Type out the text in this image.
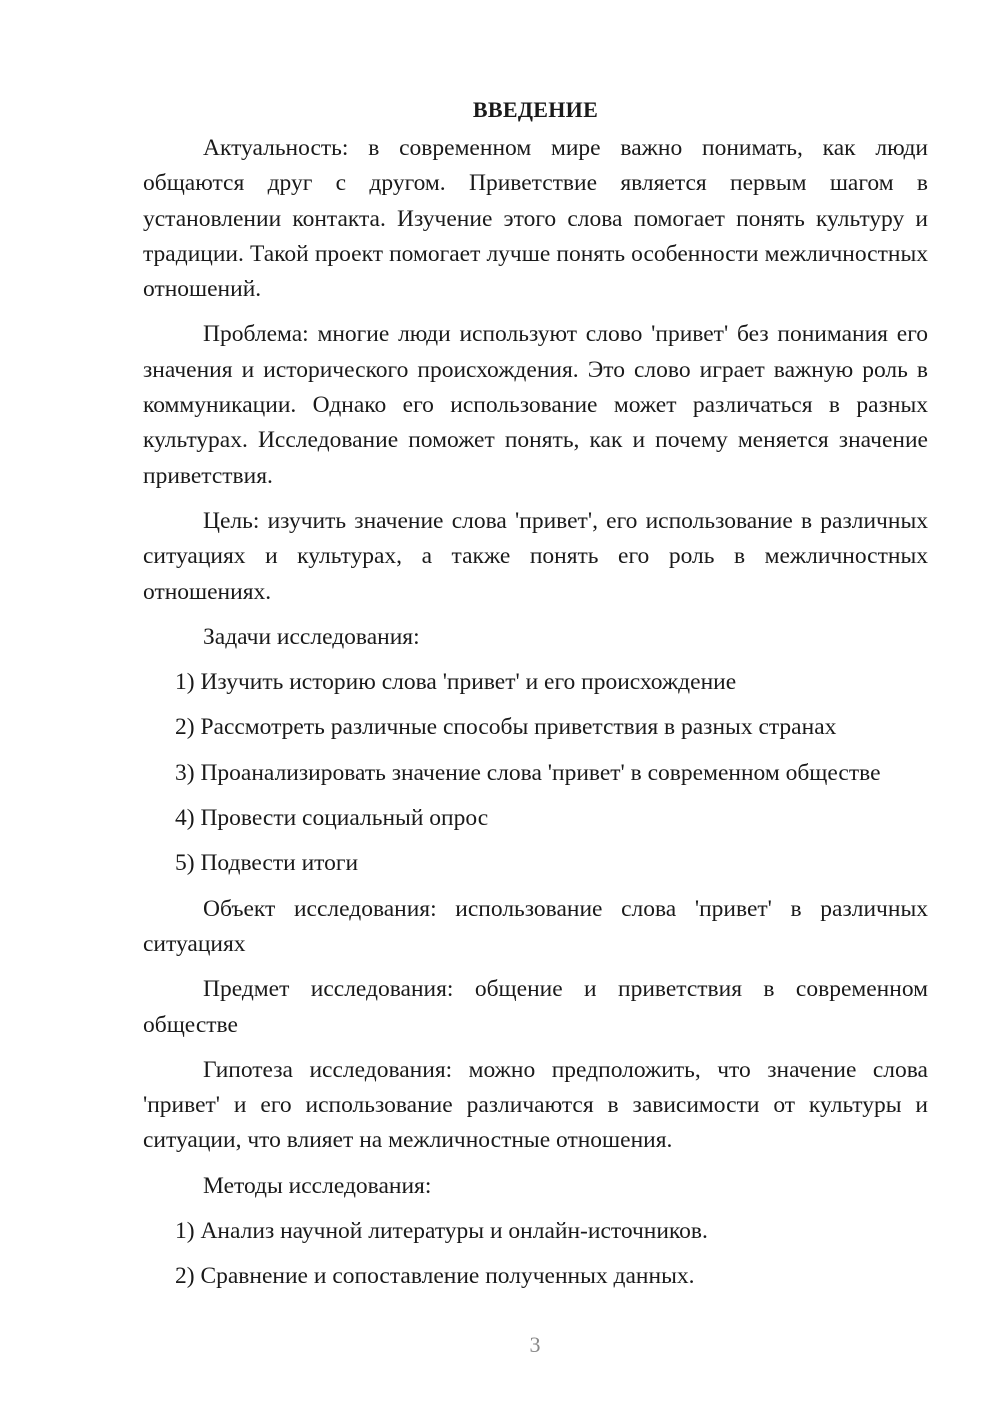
ВВЕДЕНИЕ

Актуальность: в современном мире важно понимать, как люди общаются друг с другом. Приветствие является первым шагом в установлении контакта. Изучение этого слова помогает понять культуру и традиции. Такой проект помогает лучше понять особенности межличностных отношений.

Проблема: многие люди используют слово 'привет' без понимания его значения и исторического происхождения. Это слово играет важную роль в коммуникации. Однако его использование может различаться в разных культурах. Исследование поможет понять, как и почему меняется значение приветствия.

Цель: изучить значение слова 'привет', его использование в различных ситуациях и культурах, а также понять его роль в межличностных отношениях.

Задачи исследования:

1) Изучить историю слова 'привет' и его происхождение
2) Рассмотреть различные способы приветствия в разных странах
3) Проанализировать значение слова 'привет' в современном обществе
4) Провести социальный опрос
5) Подвести итоги

Объект исследования: использование слова 'привет' в различных ситуациях

Предмет исследования: общение и приветствия в современном обществе

Гипотеза исследования: можно предположить, что значение слова 'привет' и его использование различаются в зависимости от культуры и ситуации, что влияет на межличностные отношения.

Методы исследования:

1) Анализ научной литературы и онлайн-источников.
2) Сравнение и сопоставление полученных данных.
3
